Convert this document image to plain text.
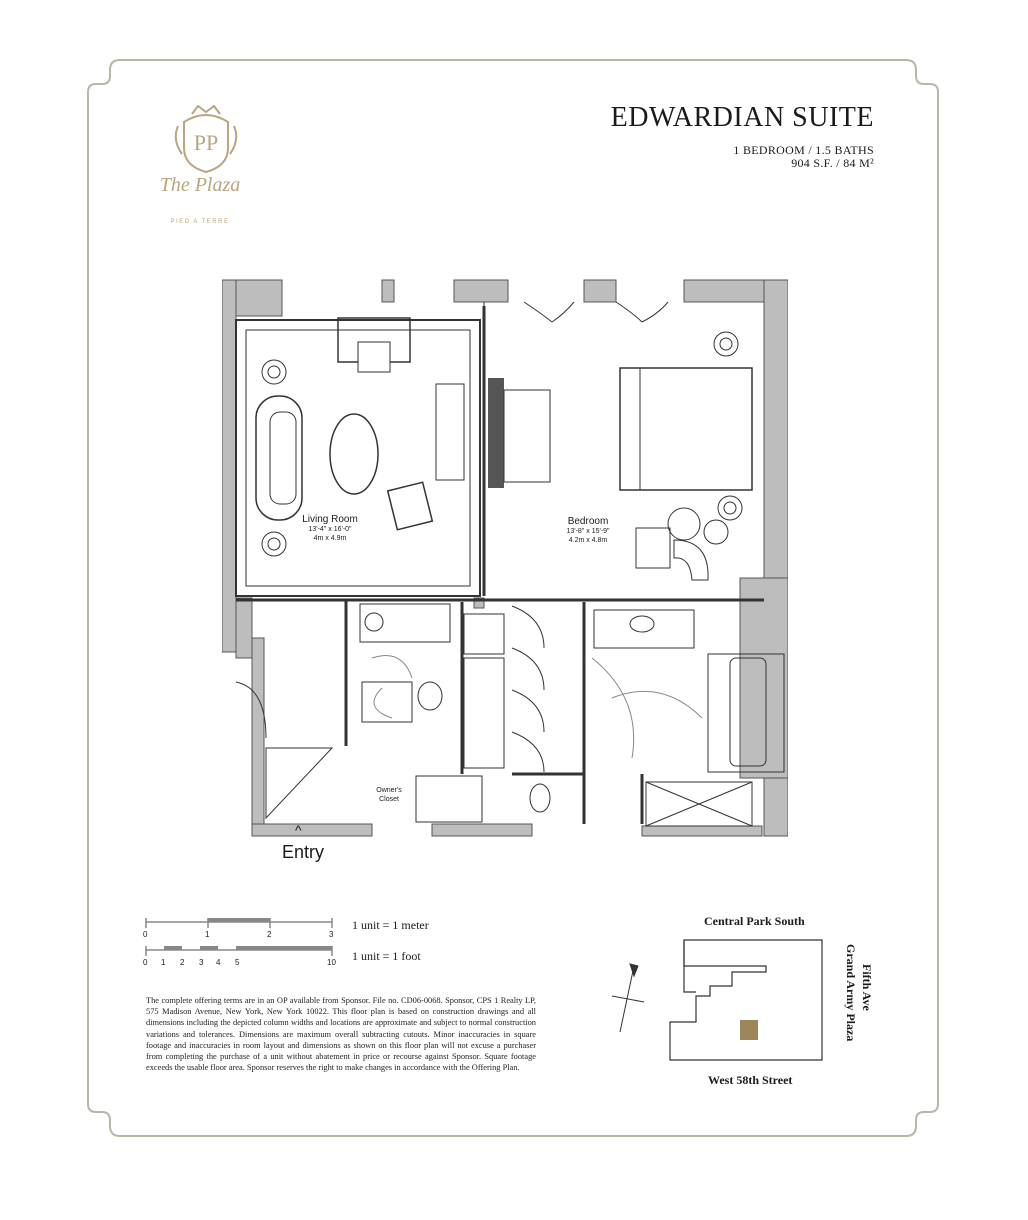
PP
The Plaza
PIED A TERRE
EDWARDIAN SUITE
1 BEDROOM / 1.5 BATHS
904 S.F. / 84 M²
Living Room
13'-4" x 16'-0"
4m x 4.9m
Bedroom
13'-8" x 15'-9"
4.2m x 4.8m
Owner's
Closet
^
Entry
0	1	2	3
0 1 2 3 4 5	10
1 unit = 1 meter
1 unit = 1 foot
The complete offering terms are in an OP available from Sponsor. File no. CD06-0068. Sponsor, CPS 1 Realty LP, 575 Madison Avenue, New York, New York 10022. This floor plan is based on construction drawings and all dimensions including the depicted column widths and locations are approximate and subject to normal construction variations and tolerances. Dimensions are maximum overall subtracting cutouts. Minor inaccuracies in square footage and inaccuracies in room layout and dimensions as shown on this floor plan will not excuse a purchaser from completing the purchase of a unit without abatement in price or recourse against Sponsor. Square footage exceeds the usable floor area. Sponsor reserves the right to make changes in accordance with the Offering Plan.
Central Park South
West 58th Street
Grand Army Plaza Fifth Ave
